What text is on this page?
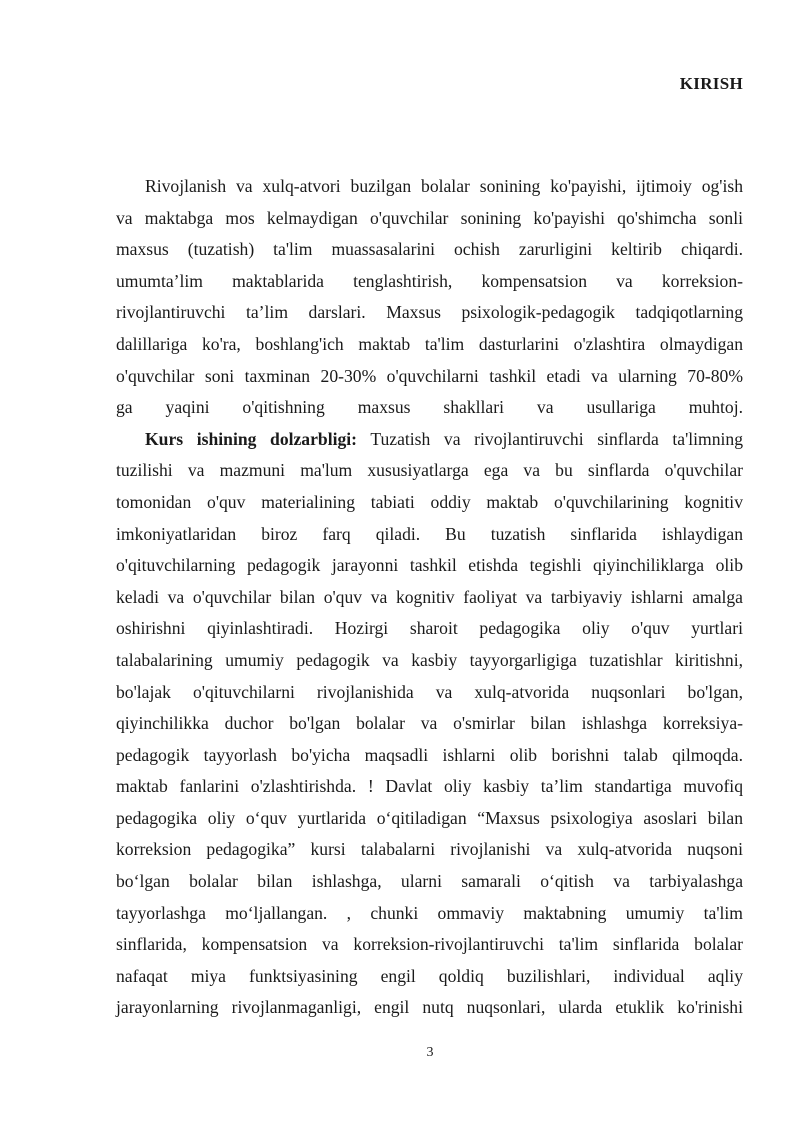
KIRISH
Rivojlanish va xulq-atvori buzilgan bolalar sonining ko'payishi, ijtimoiy og'ish
va maktabga mos kelmaydigan o'quvchilar sonining ko'payishi qo'shimcha sonli
maxsus (tuzatish) ta'lim muassasalarini ochish zarurligini keltirib chiqardi.
umumta’lim maktablarida tenglashtirish, kompensatsion va korreksion-
rivojlantiruvchi ta’lim darslari. Maxsus psixologik-pedagogik tadqiqotlarning
dalillariga ko'ra, boshlang'ich maktab ta'lim dasturlarini o'zlashtira olmaydigan
o'quvchilar soni taxminan 20-30% o'quvchilarni tashkil etadi va ularning 70-80%
ga yaqini o'qitishning maxsus shakllari va usullariga muhtoj.
Kurs ishining dolzarbligi: Tuzatish va rivojlantiruvchi sinflarda ta'limning
tuzilishi va mazmuni ma'lum xususiyatlarga ega va bu sinflarda o'quvchilar
tomonidan o'quv materialining tabiati oddiy maktab o'quvchilarining kognitiv
imkoniyatlaridan biroz farq qiladi. Bu tuzatish sinflarida ishlaydigan
o'qituvchilarning pedagogik jarayonni tashkil etishda tegishli qiyinchiliklarga olib
keladi va o'quvchilar bilan o'quv va kognitiv faoliyat va tarbiyaviy ishlarni amalga
oshirishni qiyinlashtiradi. Hozirgi sharoit pedagogika oliy o'quv yurtlari
talabalarining umumiy pedagogik va kasbiy tayyorgarligiga tuzatishlar kiritishni,
bo'lajak o'qituvchilarni rivojlanishida va xulq-atvorida nuqsonlari bo'lgan,
qiyinchilikka duchor bo'lgan bolalar va o'smirlar bilan ishlashga korreksiya-
pedagogik tayyorlash bo'yicha maqsadli ishlarni olib borishni talab qilmoqda.
maktab fanlarini o'zlashtirishda. ! Davlat oliy kasbiy ta’lim standartiga muvofiq
pedagogika oliy o‘quv yurtlarida o‘qitiladigan “Maxsus psixologiya asoslari bilan
korreksion pedagogika” kursi talabalarni rivojlanishi va xulq-atvorida nuqsoni
bo‘lgan bolalar bilan ishlashga, ularni samarali o‘qitish va tarbiyalashga
tayyorlashga mo‘ljallangan. , chunki ommaviy maktabning umumiy ta'lim
sinflarida, kompensatsion va korreksion-rivojlantiruvchi ta'lim sinflarida bolalar
nafaqat miya funktsiyasining engil qoldiq buzilishlari, individual aqliy
jarayonlarning rivojlanmaganligi, engil nutq nuqsonlari, ularda etuklik ko'rinishi
3
